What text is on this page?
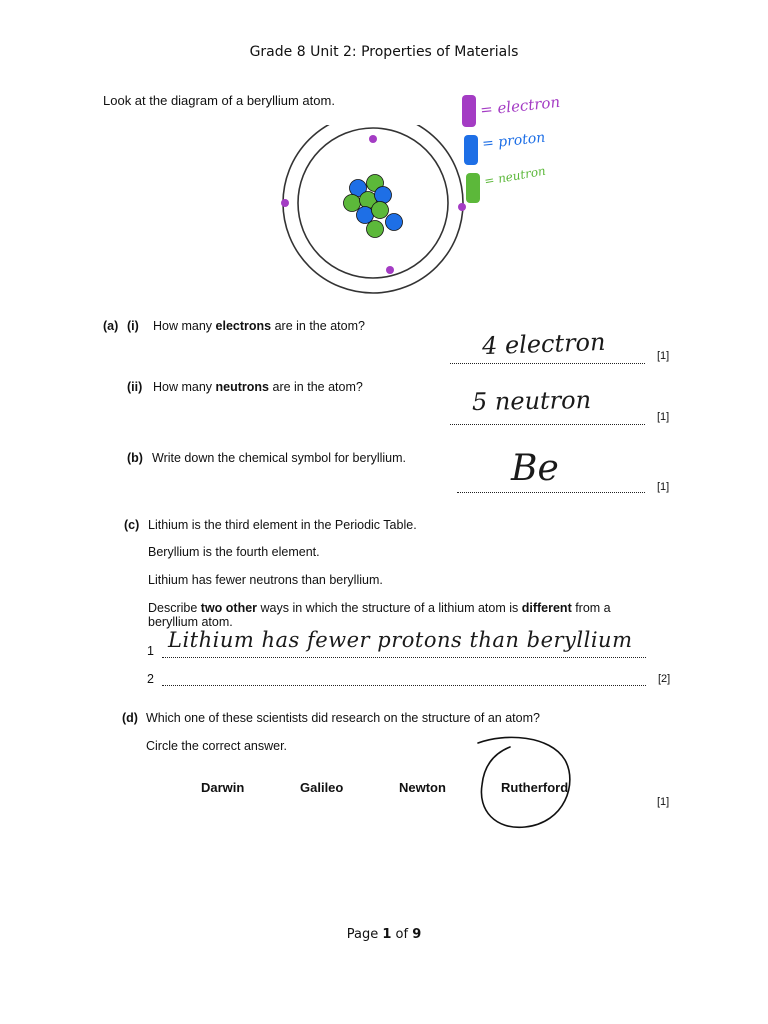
Grade 8 Unit 2: Properties of Materials
Look at the diagram of a beryllium atom.	= electron
= proton
= neutron
(a) (i) How many electrons are in the atom?
4 electron	[1]
(ii) How many neutrons are in the atom?	5 neutron
[1]
(b) Write down the chemical symbol for beryllium.	Be	[1]
(c) Lithium is the third element in the Periodic Table.
Beryllium is the fourth element.
Lithium has fewer neutrons than beryllium.
Describe two other ways in which the structure of a lithium atom is different from a
beryllium atom.
1 Lithium has fewer protons than beryllium
2	[2]
(d) Which one of these scientists did research on the structure of an atom?
Circle the correct answer.
Darwin	Galileo	Newton	Rutherford
[1]
Page 1 of 9
